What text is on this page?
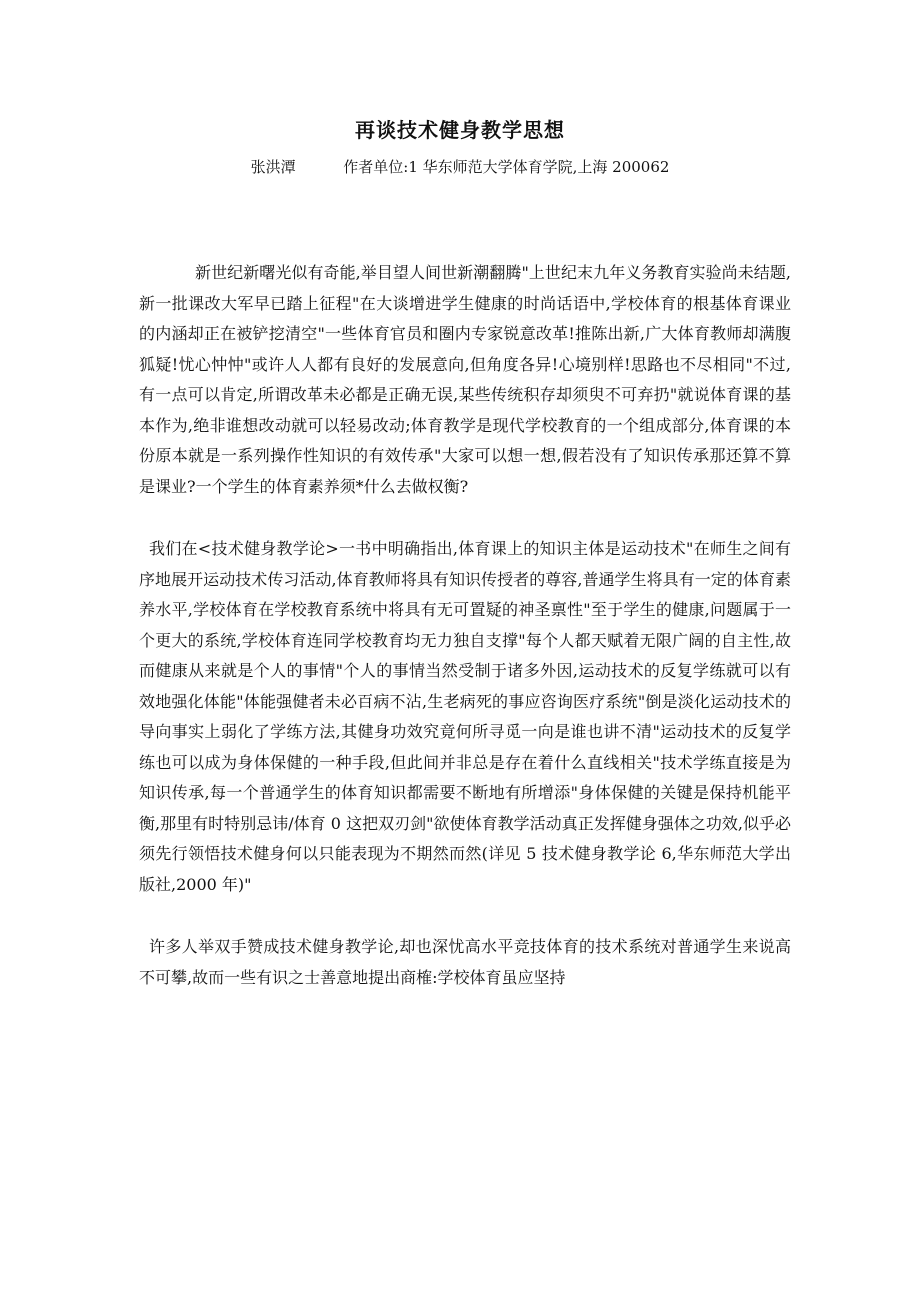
再谈技术健身教学思想
张洪潭	作者单位:1 华东师范大学体育学院,上海 200062

新世纪新曙光似有奇能,举目望人间世新潮翻腾"上世纪末九年义务教育实验尚未结题,新一批课改大军早已踏上征程"在大谈增进学生健康的时尚话语中,学校体育的根基体育课业的内涵却正在被铲挖清空"一些体育官员和圈内专家锐意改革!推陈出新,广大体育教师却满腹狐疑!忧心忡忡"或许人人都有良好的发展意向,但角度各异!心境别样!思路也不尽相同"不过,有一点可以肯定,所谓改革未必都是正确无误,某些传统积存却须臾不可弃扔"就说体育课的基本作为,绝非谁想改动就可以轻易改动;体育教学是现代学校教育的一个组成部分,体育课的本份原本就是一系列操作性知识的有效传承"大家可以想一想,假若没有了知识传承那还算不算是课业?一个学生的体育素养须*什么去做权衡?

我们在<技术健身教学论>一书中明确指出,体育课上的知识主体是运动技术"在师生之间有序地展开运动技术传习活动,体育教师将具有知识传授者的尊容,普通学生将具有一定的体育素养水平,学校体育在学校教育系统中将具有无可置疑的神圣禀性"至于学生的健康,问题属于一个更大的系统,学校体育连同学校教育均无力独自支撑"每个人都天赋着无限广阔的自主性,故而健康从来就是个人的事情"个人的事情当然受制于诸多外因,运动技术的反复学练就可以有效地强化体能"体能强健者未必百病不沾,生老病死的事应咨询医疗系统"倒是淡化运动技术的导向事实上弱化了学练方法,其健身功效究竟何所寻觅一向是谁也讲不清"运动技术的反复学练也可以成为身体保健的一种手段,但此间并非总是存在着什么直线相关"技术学练直接是为知识传承,每一个普通学生的体育知识都需要不断地有所增添"身体保健的关键是保持机能平衡,那里有时特别忌讳/体育 0 这把双刃剑"欲使体育教学活动真正发挥健身强体之功效,似乎必须先行领悟技术健身何以只能表现为不期然而然(详见 5 技术健身教学论 6,华东师范大学出版社,2000 年)"

许多人举双手赞成技术健身教学论,却也深忧高水平竞技体育的技术系统对普通学生来说高不可攀,故而一些有识之士善意地提出商榷:学校体育虽应坚持
